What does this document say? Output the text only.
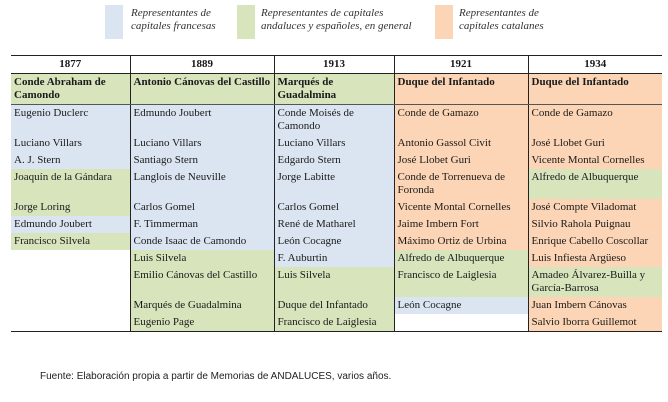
Representantes de
capitales francesas
Representantes de capitales
andaluces y españoles, en general
Representantes de
capitales catalanes
1877	1889	1913	1921	1934
Conde Abraham de Camondo	Antonio Cánovas del Castillo	Marqués de Guadalmina	Duque del Infantado	Duque del Infantado
Eugenio Duclerc	Edmundo Joubert	Conde Moisés de Camondo	Conde de Gamazo	Conde de Gamazo
Luciano Villars	Luciano Villars	Luciano Villars	Antonio Gassol Civit	José Llobet Guri
A. J. Stern	Santiago Stern	Edgardo Stern	José Llobet Guri	Vicente Montal Cornelles
Joaquín de la Gándara	Langlois de Neuville	Jorge Labitte	Conde de Torrenueva de Foronda	Alfredo de Albuquerque
Jorge Loring	Carlos Gomel	Carlos Gomel	Vicente Montal Cornelles	José Compte Viladomat
Edmundo Joubert	F. Timmerman	René de Matharel	Jaime Imbern Fort	Silvio Rahola Puignau
Francisco Silvela	Conde Isaac de Camondo	León Cocagne	Máximo Ortiz de Urbina	Enrique Cabello Coscollar
	Luis Silvela	F. Auburtin	Alfredo de Albuquerque	Luis Infiesta Argüeso
	Emilio Cánovas del Castillo	Luis Silvela	Francisco de Laiglesia	Amadeo Álvarez-Builla y García-Barrosa
	Marqués de Guadalmina	Duque del Infantado	León Cocagne	Juan Imbern Cánovas
	Eugenio Page	Francisco de Laiglesia		Salvio Iborra Guillemot
Fuente: Elaboración propia a partir de Memorias de ANDALUCES, varios años.
